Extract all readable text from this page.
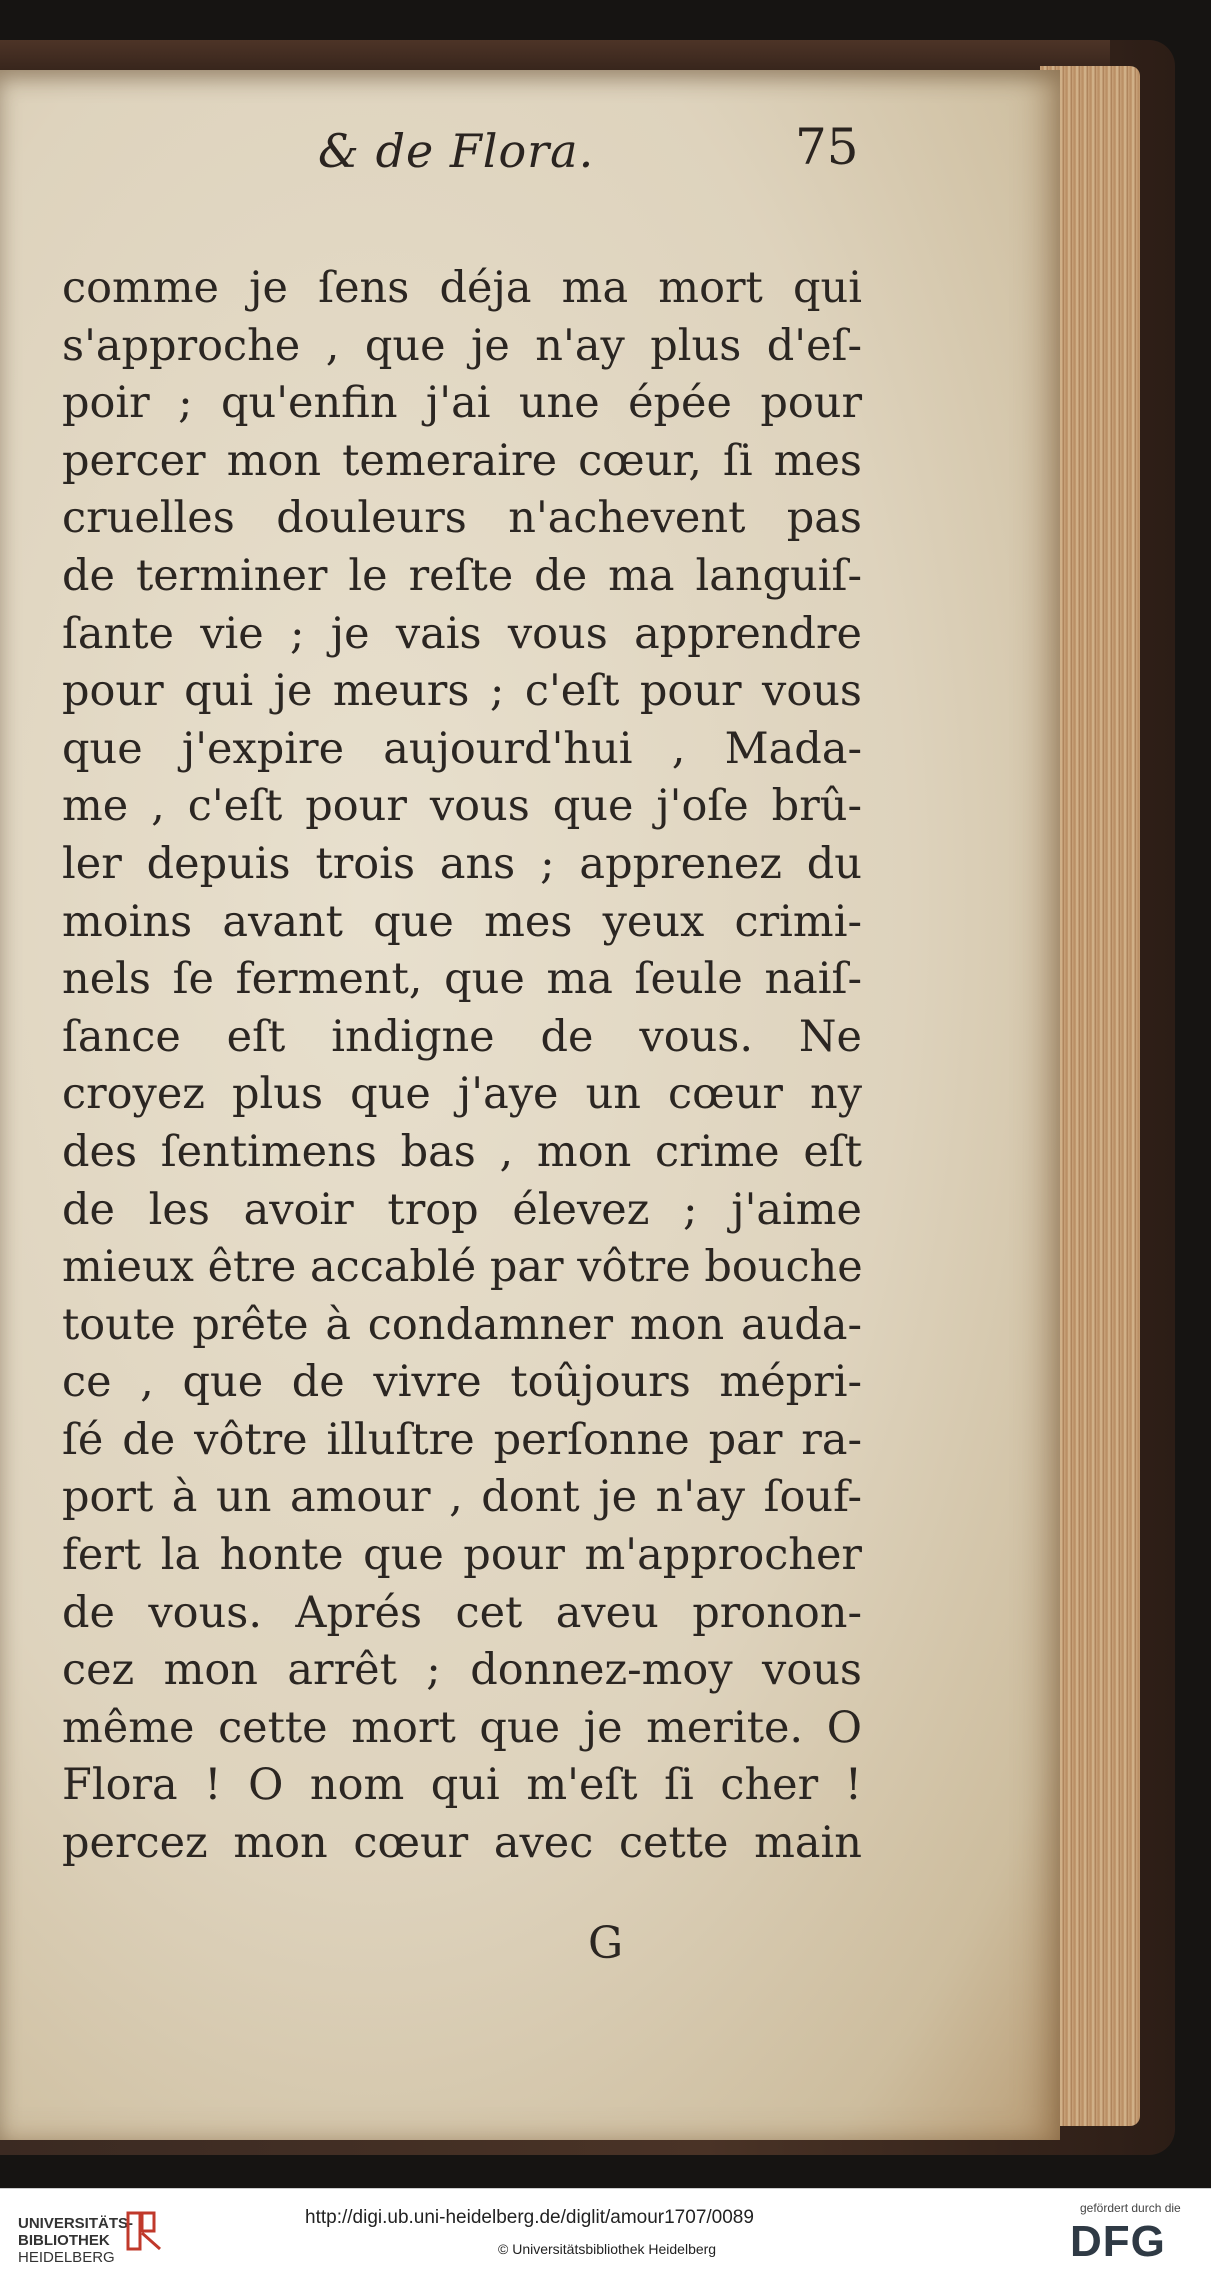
& de Flora.	75
comme je ſens déja ma mort qui
s'approche , que je n'ay plus d'eſ-
poir ; qu'enfin j'ai une épée pour
percer mon temeraire cœur, ſi mes
cruelles douleurs n'achevent pas
de terminer le reſte de ma languiſ-
ſante vie ; je vais vous apprendre
pour qui je meurs ; c'eſt pour vous
que j'expire aujourd'hui , Mada-
me , c'eſt pour vous que j'oſe brû-
ler depuis trois ans ; apprenez du
moins avant que mes yeux crimi-
nels ſe ferment, que ma ſeule naiſ-
ſance eſt indigne de vous. Ne
croyez plus que j'aye un cœur ny
des ſentimens bas , mon crime eſt
de les avoir trop élevez ; j'aime
mieux être accablé par vôtre bouche
toute prête à condamner mon auda-
ce , que de vivre toûjours mépri-
ſé de vôtre illuſtre perſonne par ra-
port à un amour , dont je n'ay ſouf-
fert la honte que pour m'approcher
de vous. Aprés cet aveu pronon-
cez mon arrêt ; donnez-moy vous
même cette mort que je merite. O
Flora ! O nom qui m'eſt ſi cher !
percez mon cœur avec cette main
G
UNIVERSITÄTS-
BIBLIOTHEK
HEIDELBERG
http://digi.ub.uni-heidelberg.de/diglit/amour1707/0089
© Universitätsbibliothek Heidelberg
gefördert durch die
DFG
